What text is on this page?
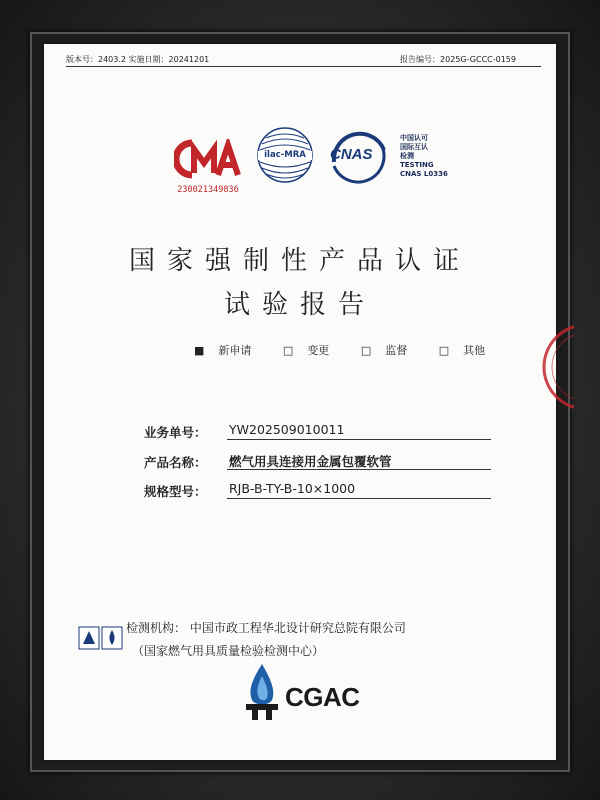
版本号：2403.2 实施日期：20241201	报告编号：2025G-GCCC-0159
230021349836
ilac-MRA	CNAS
中国认可
国际互认
检测
TESTING
CNAS L0336
国家强制性产品认证
试验报告
■ 新申请	□ 变更	□ 监督	□ 其他
业务单号： YW202509010011
产品名称： 燃气用具连接用金属包覆软管
规格型号： RJB-B-TY-B-10×1000
检测机构： 中国市政工程华北设计研究总院有限公司
（国家燃气用具质量检验检测中心）
CGAC
